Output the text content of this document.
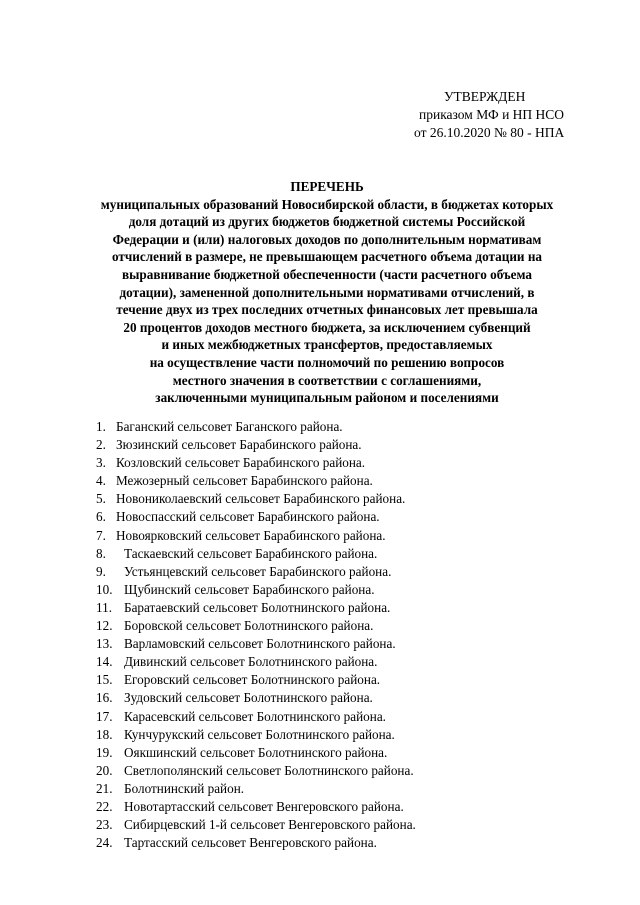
УТВЕРЖДЕН
приказом МФ и НП НСО
от 26.10.2020 № 80 - НПА
ПЕРЕЧЕНЬ
муниципальных образований Новосибирской области, в бюджетах которых
доля дотаций из других бюджетов бюджетной системы Российской
Федерации и (или) налоговых доходов по дополнительным нормативам
отчислений в размере, не превышающем расчетного объема дотации на
выравнивание бюджетной обеспеченности (части расчетного объема
дотации), замененной дополнительными нормативами отчислений, в
течение двух из трех последних отчетных финансовых лет превышала
20 процентов доходов местного бюджета, за исключением субвенций
и иных межбюджетных трансфертов, предоставляемых
на осуществление части полномочий по решению вопросов
местного значения в соответствии с соглашениями,
заключенными муниципальным районом и поселениями
1. Баганский сельсовет Баганского района.
2. Зюзинский сельсовет Барабинского района.
3. Козловский сельсовет Барабинского района.
4. Межозерный сельсовет Барабинского района.
5. Новониколаевский сельсовет Барабинского района.
6. Новоспасский сельсовет Барабинского района.
7. Новоярковский сельсовет Барабинского района.
8.	Таскаевский сельсовет Барабинского района.
9.	Устьянцевский сельсовет Барабинского района.
10. Щубинский сельсовет Барабинского района.
11. Баратаевский сельсовет Болотнинского района.
12. Боровской сельсовет Болотнинского района.
13. Варламовский сельсовет Болотнинского района.
14. Дивинский сельсовет Болотнинского района.
15. Егоровский сельсовет Болотнинского района.
16. Зудовский сельсовет Болотнинского района.
17. Карасевский сельсовет Болотнинского района.
18. Кунчурукский сельсовет Болотнинского района.
19. Оякшинский сельсовет Болотнинского района.
20. Светлополянский сельсовет Болотнинского района.
21. Болотнинский район.
22. Новотартасский сельсовет Венгеровского района.
23. Сибирцевский 1-й сельсовет Венгеровского района.
24. Тартасский сельсовет Венгеровского района.
